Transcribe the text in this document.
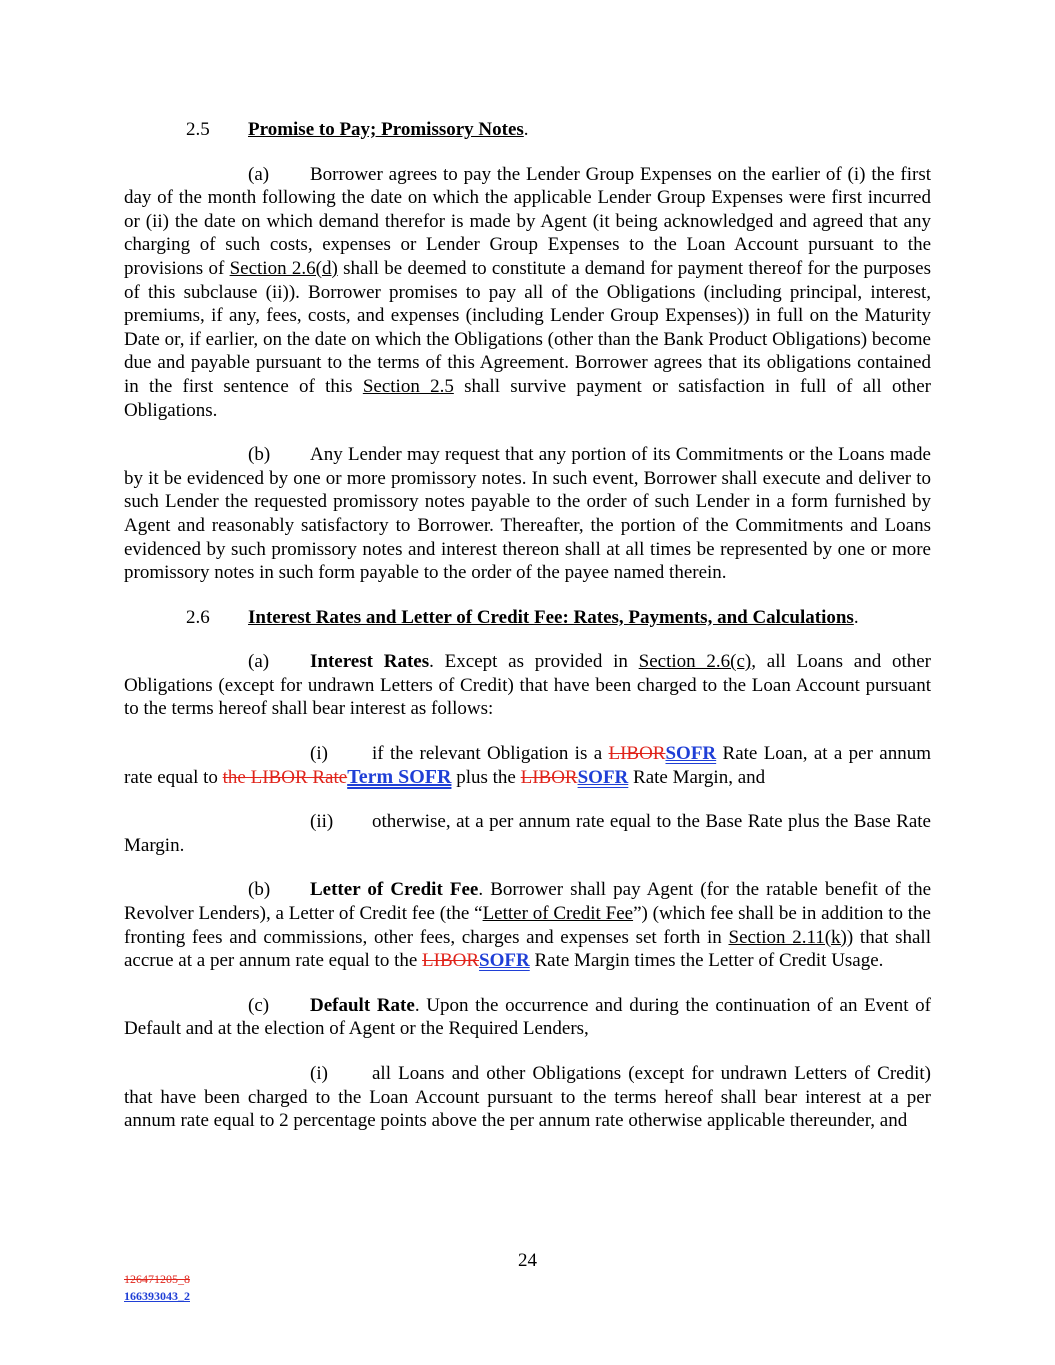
2.5 Promise to Pay; Promissory Notes.

(a) Borrower agrees to pay the Lender Group Expenses on the earlier of (i) the first day of the month following the date on which the applicable Lender Group Expenses were first incurred or (ii) the date on which demand therefor is made by Agent (it being acknowledged and agreed that any charging of such costs, expenses or Lender Group Expenses to the Loan Account pursuant to the provisions of Section 2.6(d) shall be deemed to constitute a demand for payment thereof for the purposes of this subclause (ii)). Borrower promises to pay all of the Obligations (including principal, interest, premiums, if any, fees, costs, and expenses (including Lender Group Expenses)) in full on the Maturity Date or, if earlier, on the date on which the Obligations (other than the Bank Product Obligations) become due and payable pursuant to the terms of this Agreement. Borrower agrees that its obligations contained in the first sentence of this Section 2.5 shall survive payment or satisfaction in full of all other Obligations.

(b) Any Lender may request that any portion of its Commitments or the Loans made by it be evidenced by one or more promissory notes. In such event, Borrower shall execute and deliver to such Lender the requested promissory notes payable to the order of such Lender in a form furnished by Agent and reasonably satisfactory to Borrower. Thereafter, the portion of the Commitments and Loans evidenced by such promissory notes and interest thereon shall at all times be represented by one or more promissory notes in such form payable to the order of the payee named therein.

2.6 Interest Rates and Letter of Credit Fee: Rates, Payments, and Calculations.

(a) Interest Rates. Except as provided in Section 2.6(c), all Loans and other Obligations (except for undrawn Letters of Credit) that have been charged to the Loan Account pursuant to the terms hereof shall bear interest as follows:

(i) if the relevant Obligation is a LIBORSOFR Rate Loan, at a per annum rate equal to the LIBOR RateTerm SOFR plus the LIBORSOFR Rate Margin, and

(ii) otherwise, at a per annum rate equal to the Base Rate plus the Base Rate Margin.

(b) Letter of Credit Fee. Borrower shall pay Agent (for the ratable benefit of the Revolver Lenders), a Letter of Credit fee (the “Letter of Credit Fee”) (which fee shall be in addition to the fronting fees and commissions, other fees, charges and expenses set forth in Section 2.11(k)) that shall accrue at a per annum rate equal to the LIBORSOFR Rate Margin times the Letter of Credit Usage.

(c) Default Rate. Upon the occurrence and during the continuation of an Event of Default and at the election of Agent or the Required Lenders,

(i) all Loans and other Obligations (except for undrawn Letters of Credit) that have been charged to the Loan Account pursuant to the terms hereof shall bear interest at a per annum rate equal to 2 percentage points above the per annum rate otherwise applicable thereunder, and

24
126471205_8
166393043_2
